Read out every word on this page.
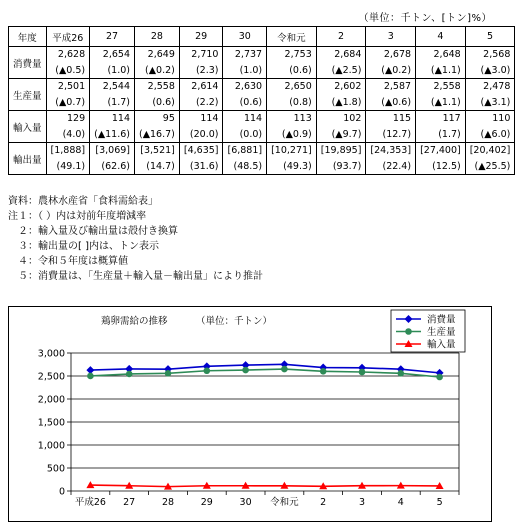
（単位：千トン、[トン]%）
年度	平成26	27	28	29	30	令和元	2	3	4	5
消費量	2,628	2,654	2,649	2,710	2,737	2,753	2,684	2,678	2,648	2,568
	(▲0.5)	(1.0)	(▲0.2)	(2.3)	(1.0)	(0.6)	(▲2.5)	(▲0.2)	(▲1.1)	(▲3.0)
生産量	2,501	2,544	2,558	2,614	2,630	2,650	2,602	2,587	2,558	2,478
	(▲0.7)	(1.7)	(0.6)	(2.2)	(0.6)	(0.8)	(▲1.8)	(▲0.6)	(▲1.1)	(▲3.1)
輸入量	129	114	95	114	114	113	102	115	117	110
	(4.0)	(▲11.6)	(▲16.7)	(20.0)	(0.0)	(▲0.9)	(▲9.7)	(12.7)	(1.7)	(▲6.0)
輸出量	[1,888]	[3,069]	[3,521]	[4,635]	[6,881]	[10,271]	[19,895]	[24,353]	[27,400]	[20,402]
	(49.1)	(62.6)	(14.7)	(31.6)	(48.5)	(49.3)	(93.7)	(22.4)	(12.5)	(▲25.5)
資料：農林水産省「食料需給表」
注１：（ ）内は対前年度増減率
　２：輸入量及び輸出量は殻付き換算
　３：輸出量の[ ]内は、トン表示
　４：令和５年度は概算値
　５：消費量は、「生産量＋輸入量－輸出量」により推計
鶏卵需給の推移	（単位：千トン）
0
500
1,000
1,500
2,000
2,500
3,000
平成26 27	28	29	30 令和元 2	3	4	5
消費量
生産量
輸入量
